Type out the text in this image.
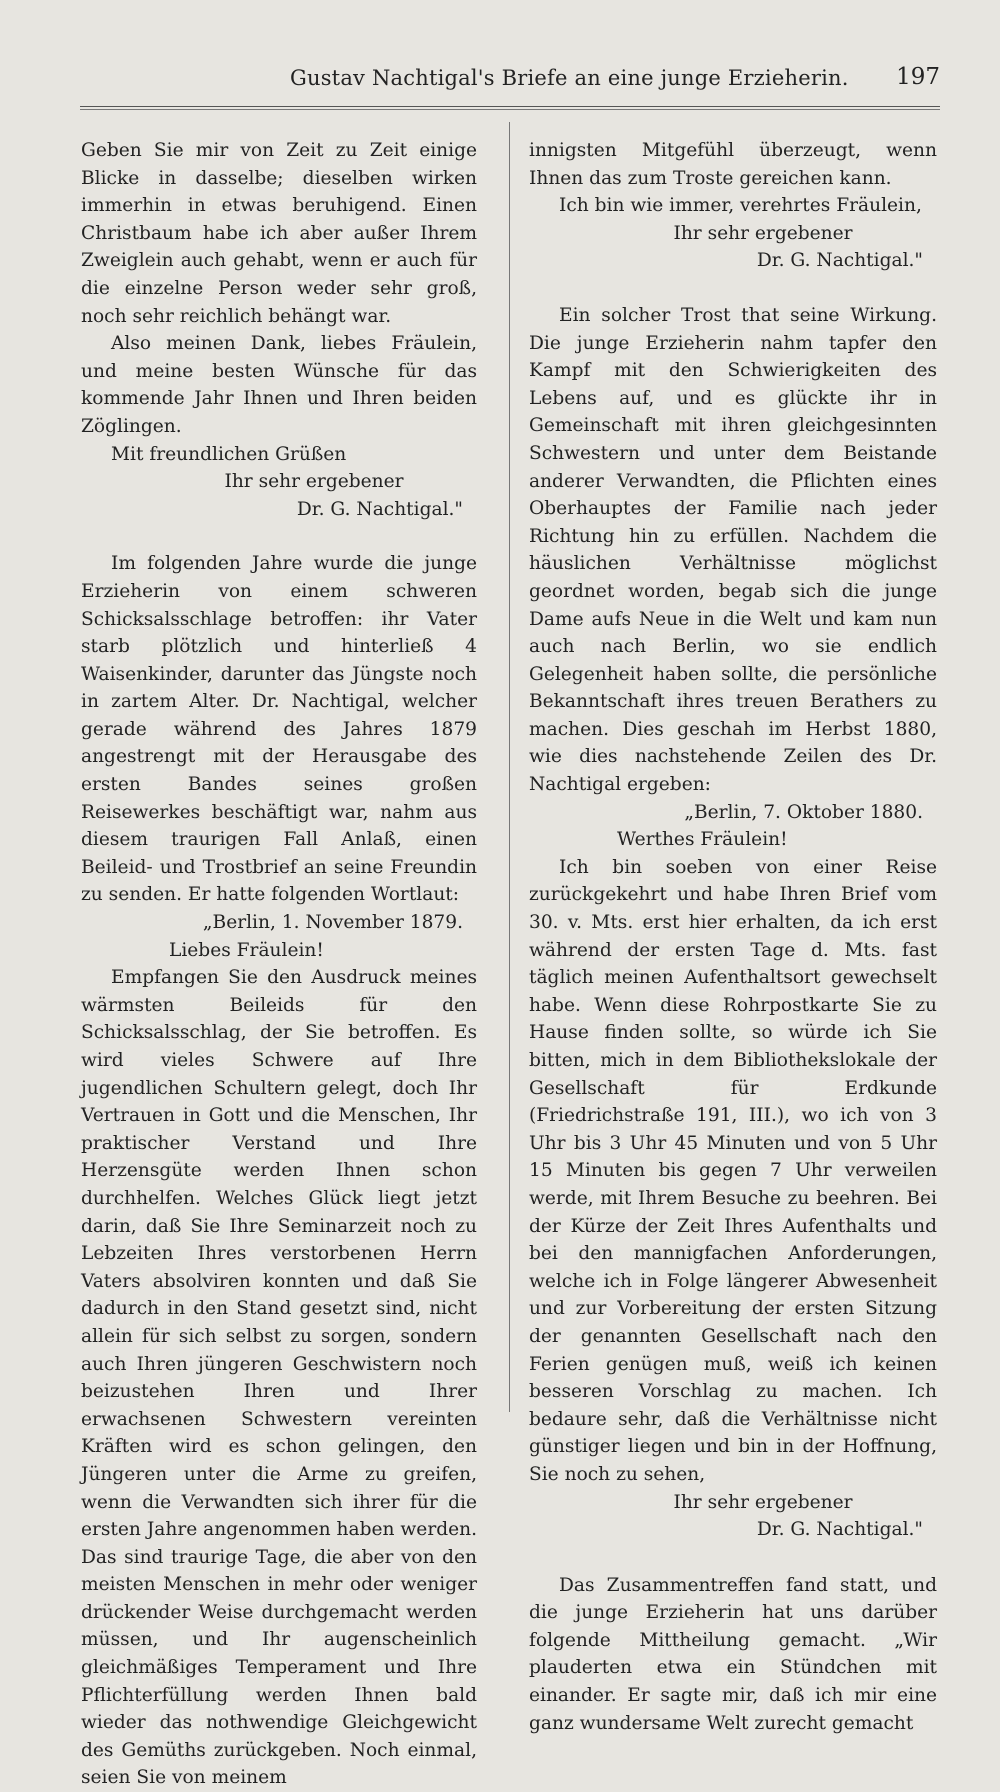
Gustav Nachtigal's Briefe an eine junge Erzieherin. 197

Geben Sie mir von Zeit zu Zeit einige Blicke in dasselbe; dieselben wirken immerhin in etwas beruhigend. Einen Christbaum habe ich aber außer Ihrem Zweiglein auch gehabt, wenn er auch für die einzelne Person weder sehr groß, noch sehr reichlich behängt war.

Also meinen Dank, liebes Fräulein, und meine besten Wünsche für das kommende Jahr Ihnen und Ihren beiden Zöglingen.

Mit freundlichen Grüßen

Ihr sehr ergebener

Dr. G. Nachtigal."

Im folgenden Jahre wurde die junge Erzieherin von einem schweren Schicksalsschlage betroffen: ihr Vater starb plötzlich und hinterließ 4 Waisenkinder, darunter das Jüngste noch in zartem Alter. Dr. Nachtigal, welcher gerade während des Jahres 1879 angestrengt mit der Herausgabe des ersten Bandes seines großen Reisewerkes beschäftigt war, nahm aus diesem traurigen Fall Anlaß, einen Beileid- und Trostbrief an seine Freundin zu senden. Er hatte folgenden Wortlaut:

„Berlin, 1. November 1879.

Liebes Fräulein!

Empfangen Sie den Ausdruck meines wärmsten Beileids für den Schicksalsschlag, der Sie betroffen. Es wird vieles Schwere auf Ihre jugendlichen Schultern gelegt, doch Ihr Vertrauen in Gott und die Menschen, Ihr praktischer Verstand und Ihre Herzensgüte werden Ihnen schon durchhelfen. Welches Glück liegt jetzt darin, daß Sie Ihre Seminarzeit noch zu Lebzeiten Ihres verstorbenen Herrn Vaters absolviren konnten und daß Sie dadurch in den Stand gesetzt sind, nicht allein für sich selbst zu sorgen, sondern auch Ihren jüngeren Geschwistern noch beizustehen Ihren und Ihrer erwachsenen Schwestern vereinten Kräften wird es schon gelingen, den Jüngeren unter die Arme zu greifen, wenn die Verwandten sich ihrer für die ersten Jahre angenommen haben werden. Das sind traurige Tage, die aber von den meisten Menschen in mehr oder weniger drückender Weise durchgemacht werden müssen, und Ihr augenscheinlich gleichmäßiges Temperament und Ihre Pflichterfüllung werden Ihnen bald wieder das nothwendige Gleichgewicht des Gemüths zurückgeben. Noch einmal, seien Sie von meinem

innigsten Mitgefühl überzeugt, wenn Ihnen das zum Troste gereichen kann.

Ich bin wie immer, verehrtes Fräulein,

Ihr sehr ergebener

Dr. G. Nachtigal."

Ein solcher Trost that seine Wirkung. Die junge Erzieherin nahm tapfer den Kampf mit den Schwierigkeiten des Lebens auf, und es glückte ihr in Gemeinschaft mit ihren gleichgesinnten Schwestern und unter dem Beistande anderer Verwandten, die Pflichten eines Oberhauptes der Familie nach jeder Richtung hin zu erfüllen. Nachdem die häuslichen Verhältnisse möglichst geordnet worden, begab sich die junge Dame aufs Neue in die Welt und kam nun auch nach Berlin, wo sie endlich Gelegenheit haben sollte, die persönliche Bekanntschaft ihres treuen Berathers zu machen. Dies geschah im Herbst 1880, wie dies nachstehende Zeilen des Dr. Nachtigal ergeben:

„Berlin, 7. Oktober 1880.

Werthes Fräulein!

Ich bin soeben von einer Reise zurückgekehrt und habe Ihren Brief vom 30. v. Mts. erst hier erhalten, da ich erst während der ersten Tage d. Mts. fast täglich meinen Aufenthaltsort gewechselt habe. Wenn diese Rohrpostkarte Sie zu Hause finden sollte, so würde ich Sie bitten, mich in dem Bibliothekslokale der Gesellschaft für Erdkunde (Friedrichstraße 191, III.), wo ich von 3 Uhr bis 3 Uhr 45 Minuten und von 5 Uhr 15 Minuten bis gegen 7 Uhr verweilen werde, mit Ihrem Besuche zu beehren. Bei der Kürze der Zeit Ihres Aufenthalts und bei den mannigfachen Anforderungen, welche ich in Folge längerer Abwesenheit und zur Vorbereitung der ersten Sitzung der genannten Gesellschaft nach den Ferien genügen muß, weiß ich keinen besseren Vorschlag zu machen. Ich bedaure sehr, daß die Verhältnisse nicht günstiger liegen und bin in der Hoffnung, Sie noch zu sehen,

Ihr sehr ergebener

Dr. G. Nachtigal."

Das Zusammentreffen fand statt, und die junge Erzieherin hat uns darüber folgende Mittheilung gemacht. „Wir plauderten etwa ein Stündchen mit einander. Er sagte mir, daß ich mir eine ganz wundersame Welt zurecht gemacht
